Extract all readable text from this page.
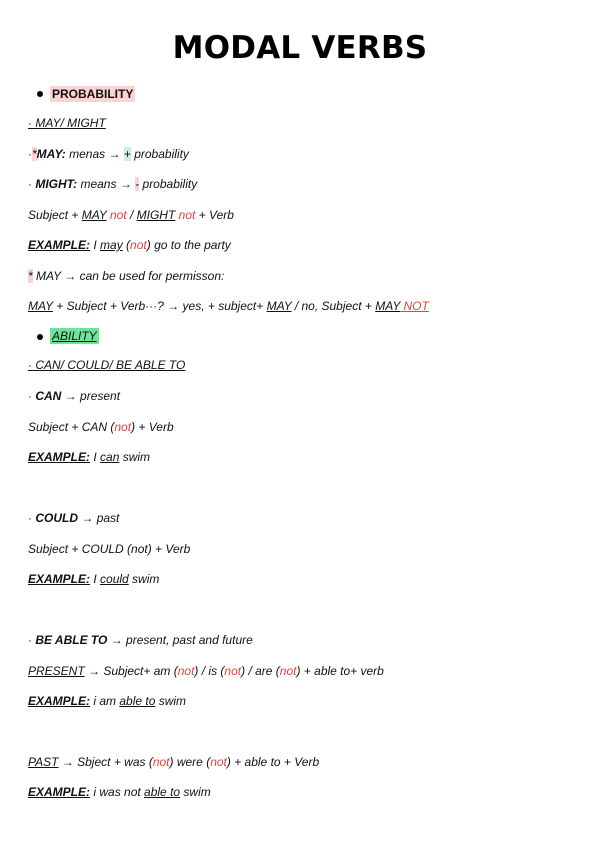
MODAL VERBS
PROBABILITY
· MAY/ MIGHT
·*MAY: menas → + probability
· MIGHT: means → - probability
Subject + MAY not / MIGHT not + Verb
EXAMPLE: I may (not) go to the party
* MAY → can be used for permisson:
MAY + Subject + Verb···? → yes, + subject+ MAY / no, Subject + MAY NOT
ABILITY
· CAN/ COULD/ BE ABLE TO
· CAN → present
Subject + CAN (not) + Verb
EXAMPLE: I can swim
· COULD → past
Subject + COULD (not) + Verb
EXAMPLE: I could swim
· BE ABLE TO → present, past and future
PRESENT → Subject+ am (not) / is (not) / are (not) + able to+ verb
EXAMPLE: i am able to swim
PAST → Sbject + was (not) were (not) + able to + Verb
EXAMPLE: i was not able to swim
